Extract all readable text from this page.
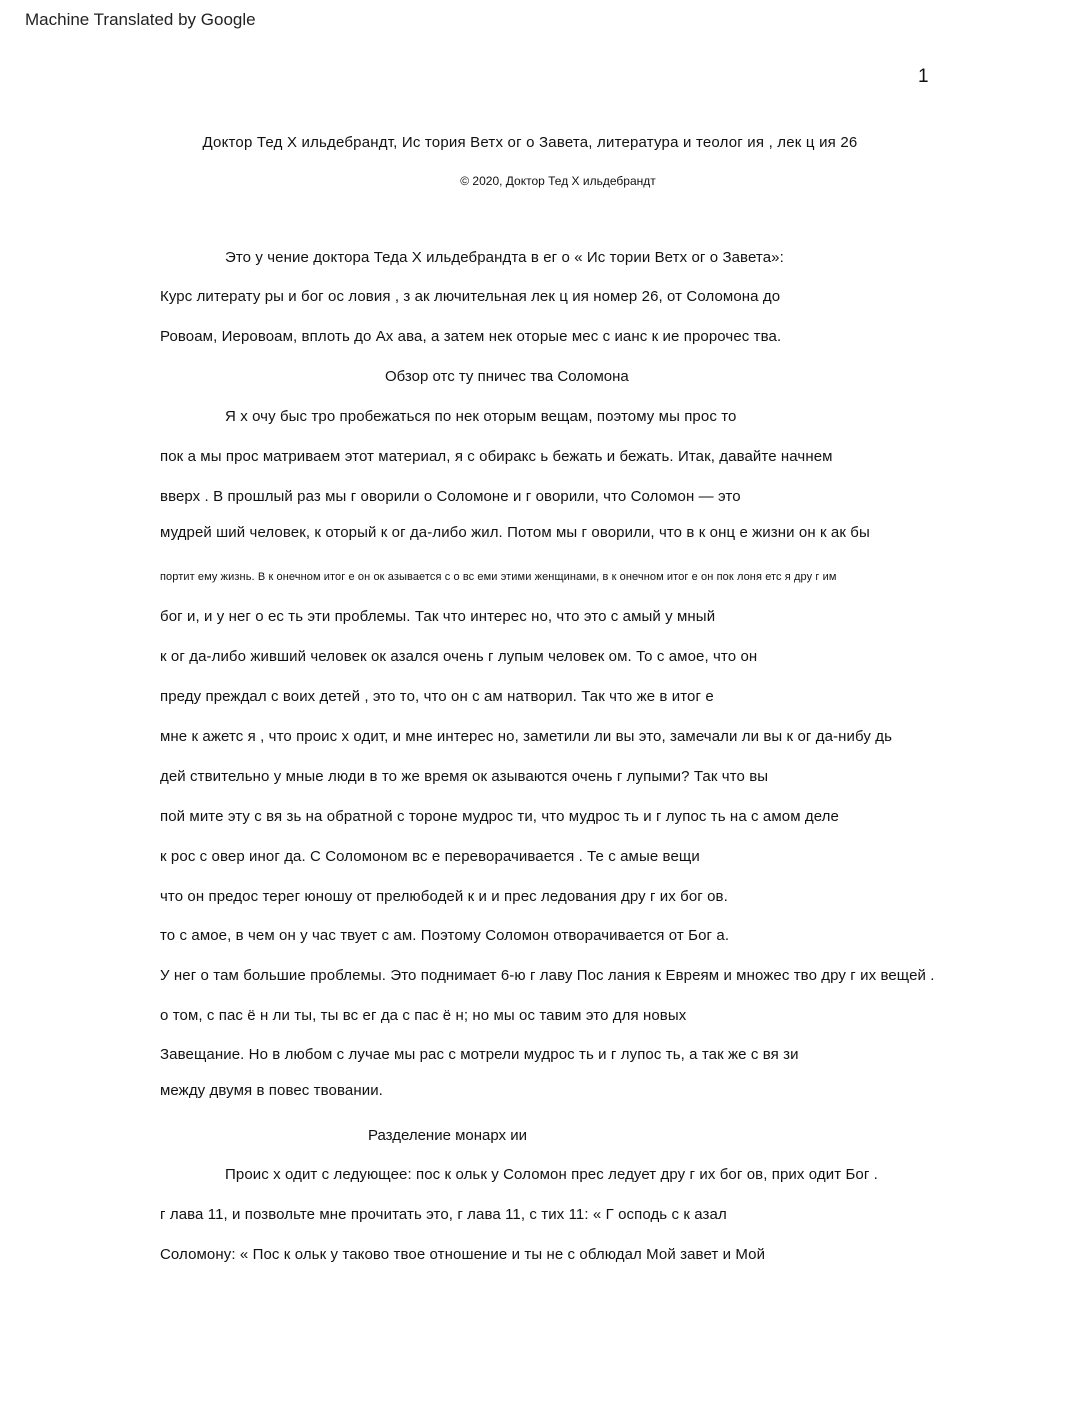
Machine Translated by Google
1
Доктор Тед Х ильдебрандт, Ис тория Ветх ог о Завета, литература и теолог ия , лек ц ия 26
© 2020, Доктор Тед Х ильдебрандт
Это у чение доктора Теда Х ильдебрандта в ег о « Ис тории Ветх ог о Завета»:
Курс литерату ры и бог ос ловия , з ак лючительная лек ц ия номер 26, от Соломона до
Ровоам, Иеровоам, вплоть до Ах ава, а затем нек оторые мес с ианс к ие пророчес тва.
Обзор отс ту пничес тва Соломона
Я х очу быс тро пробежаться по нек оторым вещам, поэтому мы прос то
пок а мы прос матриваем этот материал, я с обиракс ь бежать и бежать. Итак, давайте начнем
вверх . В прошлый раз мы г оворили о Соломоне и г оворили, что Соломон — это
мудрей ший человек, к оторый к ог да-либо жил. Потом мы г оворили, что в к онц е жизни он к ак бы
портит ему жизнь. В к онечном итог е он ок азывается с о вс еми этими женщинами, в к онечном итог е он пок лоня етс я дру г им
бог и, и у нег о ес ть эти проблемы. Так что интерес но, что это с амый у мный
к ог да-либо живший человек ок азался очень г лупым человек ом. То с амое, что он
преду преждал с воих детей , это то, что он с ам натворил. Так что же в итог е
мне к ажетс я , что проис х одит, и мне интерес но, заметили ли вы это, замечали ли вы к ог да-нибу дь
дей ствительно у мные люди в то же время ок азываются очень г лупыми? Так что вы
пой мите эту с вя зь на обратной с тороне мудрос ти, что мудрос ть и г лупос ть на с амом деле
к рос с овер иног да. С Соломоном вс е переворачивается . Те с амые вещи
что он предос терег юношу от прелюбодей к и и прес ледования дру г их бог ов.
то с амое, в чем он у час твует с ам. Поэтому Соломон отворачивается от Бог а.
У нег о там большие проблемы. Это поднимает 6-ю г лаву Пос лания к Евреям и множес тво дру г их вещей .
о том, с пас ё н ли ты, ты вс ег да с пас ё н; но мы ос тавим это для новых
Завещание. Но в любом с лучае мы рас с мотрели мудрос ть и г лупос ть, а так же с вя зи
между двумя в повес твовании.
Разделение монарх ии
Проис х одит с ледующее: пос к ольк у Соломон прес ледует дру г их бог ов, прих одит Бог .
г лава 11, и позвольте мне прочитать это, г лава 11, с тих 11: « Г осподь с к азал
Соломону: « Пос к ольк у таково твое отношение и ты не с облюдал Мой завет и Мой
